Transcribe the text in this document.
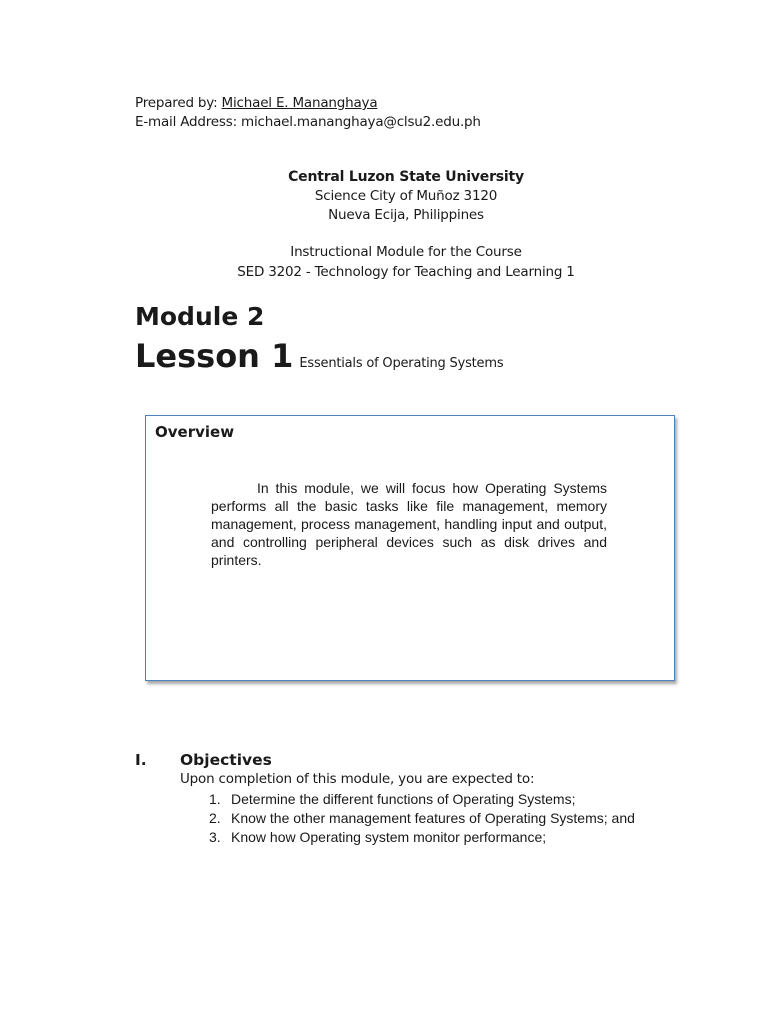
Prepared by: Michael E. Mananghaya
E-mail Address: michael.mananghaya@clsu2.edu.ph
Central Luzon State University
Science City of Muñoz 3120
Nueva Ecija, Philippines
Instructional Module for the Course
SED 3202 - Technology for Teaching and Learning 1
Module 2
Lesson 1 Essentials of Operating Systems
Overview
In this module, we will focus how Operating Systems performs all the basic tasks like file management, memory management, process management, handling input and output, and controlling peripheral devices such as disk drives and printers.
I. Objectives
Upon completion of this module, you are expected to:
1. Determine the different functions of Operating Systems;
2. Know the other management features of Operating Systems; and
3. Know how Operating system monitor performance;
